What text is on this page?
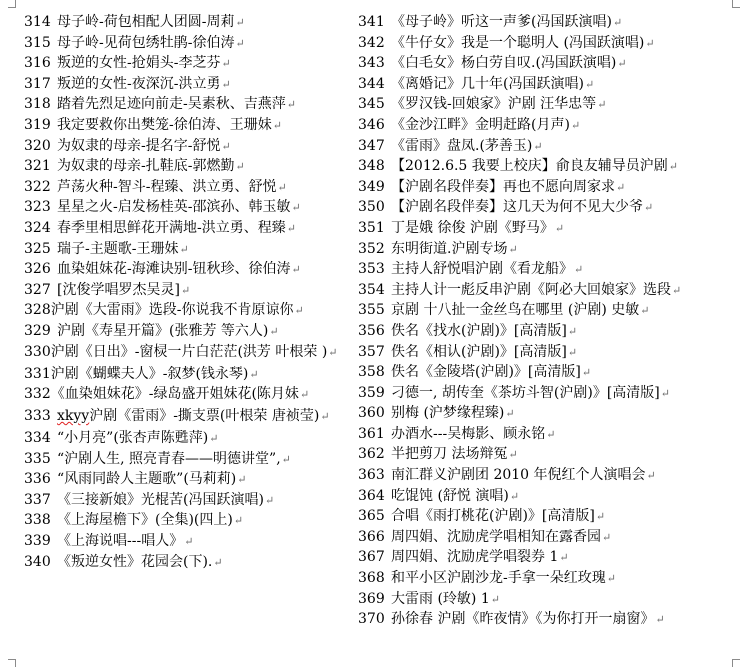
314 母子岭-荷包相配人团圆-周莉↵
315 母子岭-见荷包绣牡鹃-徐伯涛↵
316 叛逆的女性-抢娟头-李芝芬↵
317 叛逆的女性-夜深沉-洪立勇↵
318 踏着先烈足迹向前走-吴素秋、吉燕萍↵
319 我定要救你出樊笼-徐伯涛、王珊妹↵
320 为奴隶的母亲-提名字-舒悦↵
321 为奴隶的母亲-扎鞋底-郭燃勤↵
322 芦荡火种-智斗-程臻、洪立勇、舒悦↵
323 星星之火-启发杨桂英-邵滨孙、韩玉敏↵
324 春季里相思鲜花开满地-洪立勇、程臻↵
325 瑞子-主题歌-王珊妹↵
326 血染姐妹花-海滩诀别-钮秋珍、徐伯涛↵
327 [沈俊学唱罗杰吴灵]↵
328沪剧《大雷雨》选段-你说我不肯原谅你↵
329 沪剧《寿星开篇》(张雅芳 等六人)↵
330沪剧《日出》-窗棂一片白茫茫(洪芳 叶根荣 )↵
331沪剧《蝴蝶夫人》-叙梦(钱永琴)↵
332《血染姐妹花》-绿岛盛开姐妹花(陈月妹↵
333 xkyy沪剧《雷雨》-撕支票(叶根荣 唐祯莹)↵
334 “小月亮”(张杏声陈甦萍)↵
335 “沪剧人生, 照亮青春——明德讲堂”,↵
336 “风雨同龄人主题歌”(马莉莉)↵
337 《三接新娘》光棍苦(冯国跃演唱)↵
338 《上海屋檐下》(全集)(四上)↵
339 《上海说唱---唱人》↵
340 《叛逆女性》花园会(下).↵
341 《母子岭》听这一声爹(冯国跃演唱)↵
342 《牛仔女》我是一个聪明人 (冯国跃演唱)↵
343 《白毛女》杨白劳自叹.(冯国跃演唱)↵
344 《离婚记》几十年(冯国跃演唱)↵
345 《罗汉钱-回娘家》沪剧 汪华忠等↵
346 《金沙江畔》金明赶路(月声)↵
347 《雷雨》盘凤.(茅善玉)↵
348 【2012.6.5 我要上校庆】俞良友辅导员沪剧↵
349 【沪剧名段伴奏】再也不愿向周家求↵
350 【沪剧名段伴奏】这几天为何不见大少爷↵
351 丁是娥 徐俊 沪剧《野马》↵
352 东明街道.沪剧专场↵
353 主持人舒悦唱沪剧《看龙船》↵
354 主持人计一彪反串沪剧《阿必大回娘家》选段↵
355 京剧 十八扯一金丝鸟在哪里 (沪剧) 史敏↵
356 佚名《找水(沪剧)》[高清版]↵
357 佚名《相认(沪剧)》[高清版]↵
358 佚名《金陵塔(沪剧)》[高清版]↵
359 刁德一, 胡传奎《茶坊斗智(沪剧)》[高清版]↵
360 别梅 (沪梦缘程臻)↵
361 办酒水---吴梅影、顾永铭↵
362 半把剪刀 法场辩冤↵
363 南汇群义沪剧团 2010 年倪红个人演唱会↵
364 吃馄饨 (舒悦 演唱)↵
365 合唱《雨打桃花(沪剧)》[高清版]↵
366 周四娟、沈励虎学唱相知在露香园↵
367 周四娟、沈励虎学唱裂券 1↵
368 和平小区沪剧沙龙-手拿一朵红玫瑰↵
369 大雷雨 (玲敏) 1↵
370 孙徐春 沪剧《昨夜情》《为你打开一扇窗》↵
